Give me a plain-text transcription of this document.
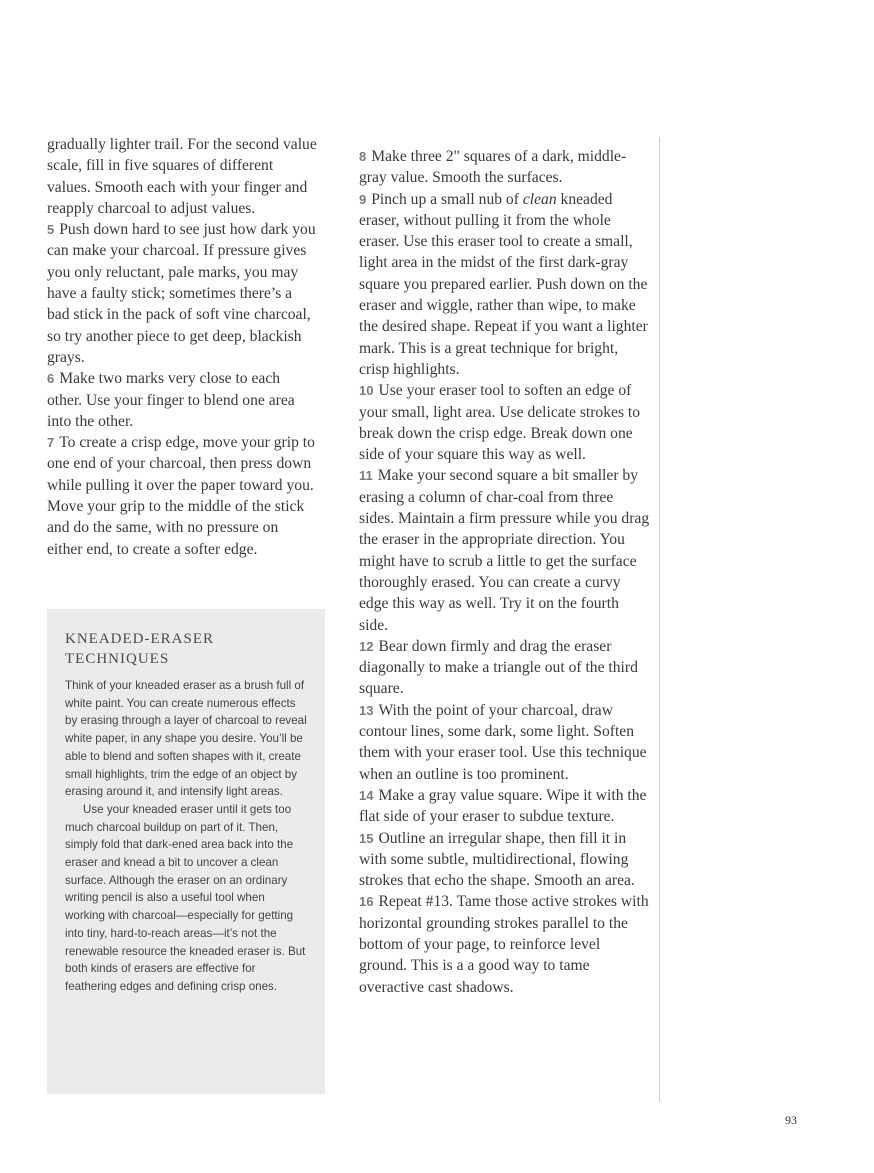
gradually lighter trail. For the second value scale, fill in five squares of different values. Smooth each with your finger and reapply charcoal to adjust values.

5 Push down hard to see just how dark you can make your charcoal. If pressure gives you only reluctant, pale marks, you may have a faulty stick; sometimes there’s a bad stick in the pack of soft vine charcoal, so try another piece to get deep, blackish grays.

6 Make two marks very close to each other. Use your finger to blend one area into the other.

7 To create a crisp edge, move your grip to one end of your charcoal, then press down while pulling it over the paper toward you. Move your grip to the middle of the stick and do the same, with no pressure on either end, to create a softer edge.

KNEADED-ERASER TECHNIQUES

Think of your kneaded eraser as a brush full of white paint. You can create numerous effects by erasing through a layer of charcoal to reveal white paper, in any shape you desire. You’ll be able to blend and soften shapes with it, create small highlights, trim the edge of an object by erasing around it, and intensify light areas.

Use your kneaded eraser until it gets too much charcoal buildup on part of it. Then, simply fold that dark-ened area back into the eraser and knead a bit to uncover a clean surface. Although the eraser on an ordinary writing pencil is also a useful tool when working with charcoal—especially for getting into tiny, hard-to-reach areas—it’s not the renewable resource the kneaded eraser is. But both kinds of erasers are effective for feathering edges and defining crisp ones.

8 Make three 2" squares of a dark, middle-gray value. Smooth the surfaces.

9 Pinch up a small nub of clean kneaded eraser, without pulling it from the whole eraser. Use this eraser tool to create a small, light area in the midst of the first dark-gray square you prepared earlier. Push down on the eraser and wiggle, rather than wipe, to make the desired shape. Repeat if you want a lighter mark. This is a great technique for bright, crisp highlights.

10 Use your eraser tool to soften an edge of your small, light area. Use delicate strokes to break down the crisp edge. Break down one side of your square this way as well.

11 Make your second square a bit smaller by erasing a column of char-coal from three sides. Maintain a firm pressure while you drag the eraser in the appropriate direction. You might have to scrub a little to get the surface thoroughly erased. You can create a curvy edge this way as well. Try it on the fourth side.

12 Bear down firmly and drag the eraser diagonally to make a triangle out of the third square.

13 With the point of your charcoal, draw contour lines, some dark, some light. Soften them with your eraser tool. Use this technique when an outline is too prominent.

14 Make a gray value square. Wipe it with the flat side of your eraser to subdue texture.

15 Outline an irregular shape, then fill it in with some subtle, multidirectional, flowing strokes that echo the shape. Smooth an area.

16 Repeat #13. Tame those active strokes with horizontal grounding strokes parallel to the bottom of your page, to reinforce level ground. This is a a good way to tame overactive cast shadows.

93
